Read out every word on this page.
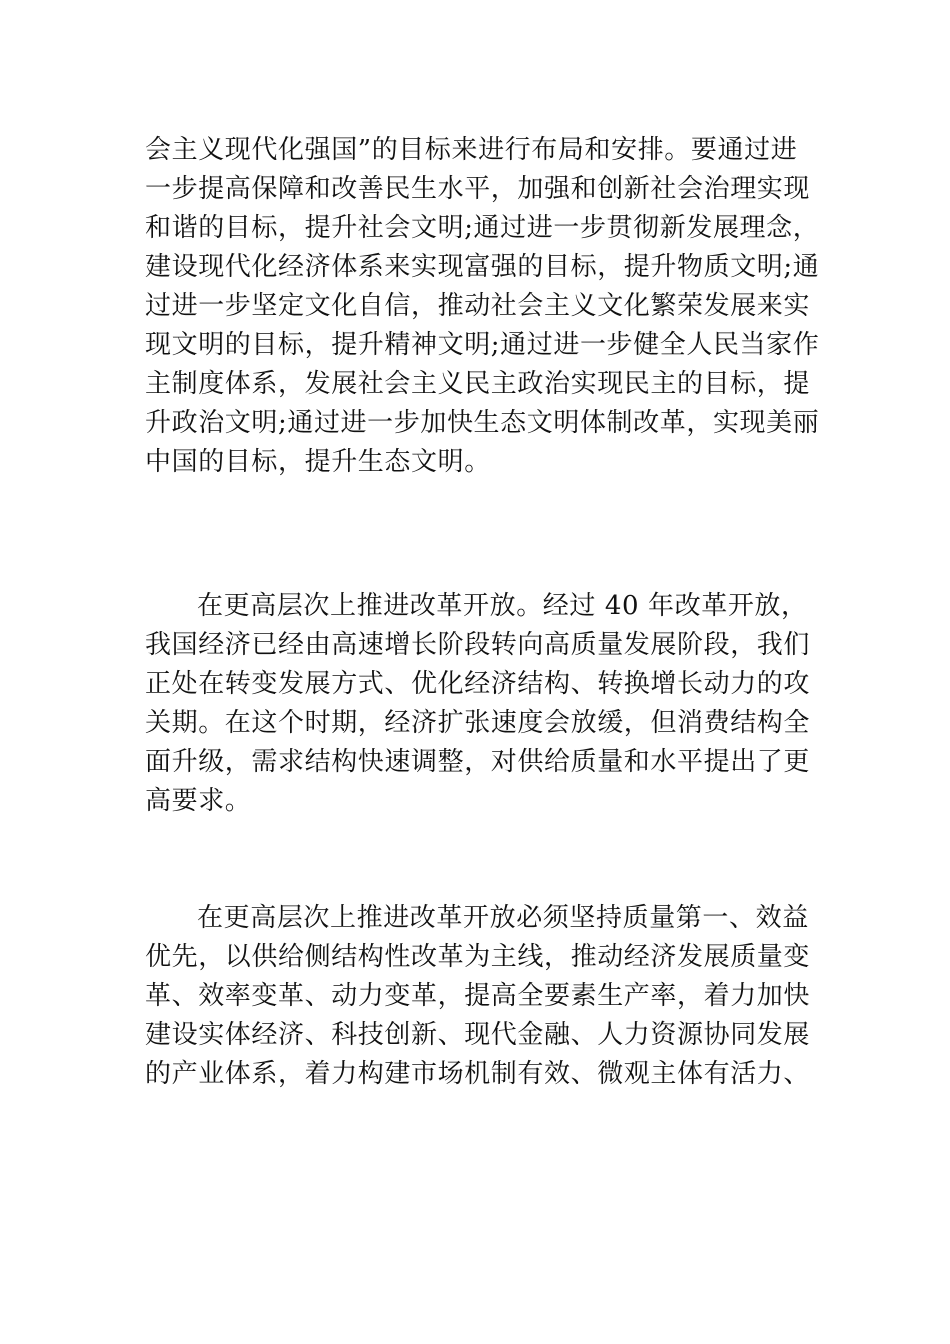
会主义现代化强国”的目标来进行布局和安排。要通过进
一步提高保障和改善民生水平，加强和创新社会治理实现
和谐的目标，提升社会文明;通过进一步贯彻新发展理念，
建设现代化经济体系来实现富强的目标，提升物质文明;通
过进一步坚定文化自信，推动社会主义文化繁荣发展来实
现文明的目标，提升精神文明;通过进一步健全人民当家作
主制度体系，发展社会主义民主政治实现民主的目标，提
升政治文明;通过进一步加快生态文明体制改革，实现美丽
中国的目标，提升生态文明。
在更高层次上推进改革开放。经过 40 年改革开放，
我国经济已经由高速增长阶段转向高质量发展阶段，我们
正处在转变发展方式、优化经济结构、转换增长动力的攻
关期。在这个时期，经济扩张速度会放缓，但消费结构全
面升级，需求结构快速调整，对供给质量和水平提出了更
高要求。
在更高层次上推进改革开放必须坚持质量第一、效益
优先，以供给侧结构性改革为主线，推动经济发展质量变
革、效率变革、动力变革，提高全要素生产率，着力加快
建设实体经济、科技创新、现代金融、人力资源协同发展
的产业体系，着力构建市场机制有效、微观主体有活力、
